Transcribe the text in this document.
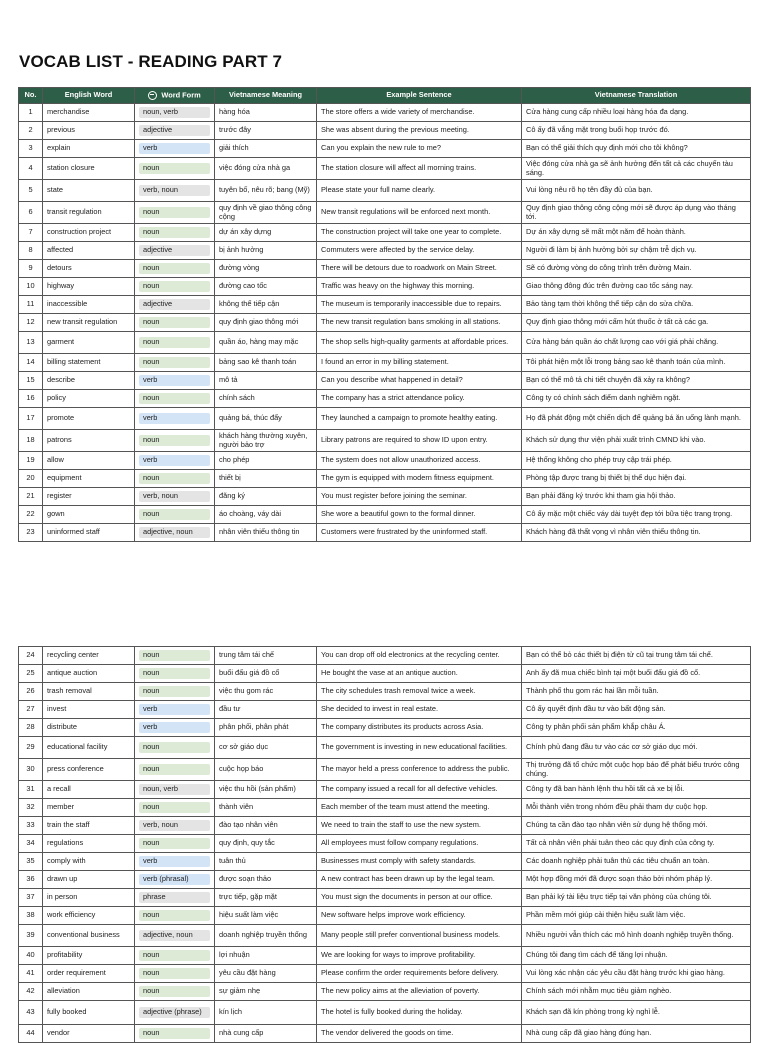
VOCAB LIST - READING PART 7
No.	English Word	Word Form	Vietnamese Meaning	Example Sentence	Vietnamese Translation
1	merchandise	noun, verb	hàng hóa	The store offers a wide variety of merchandise.	Cửa hàng cung cấp nhiều loại hàng hóa đa dạng.
2	previous	adjective	trước đây	She was absent during the previous meeting.	Cô ấy đã vắng mặt trong buổi họp trước đó.
3	explain	verb	giải thích	Can you explain the new rule to me?	Bạn có thể giải thích quy định mới cho tôi không?
4	station closure	noun	việc đóng cửa nhà ga	The station closure will affect all morning trains.	Việc đóng cửa nhà ga sẽ ảnh hưởng đến tất cả các chuyến tàu sáng.
5	state	verb, noun	tuyên bố, nêu rõ; bang (Mỹ)	Please state your full name clearly.	Vui lòng nêu rõ họ tên đầy đủ của bạn.
6	transit regulation	noun	quy định về giao thông công cộng	New transit regulations will be enforced next month.	Quy định giao thông công cộng mới sẽ được áp dụng vào tháng tới.
7	construction project	noun	dự án xây dựng	The construction project will take one year to complete.	Dự án xây dựng sẽ mất một năm để hoàn thành.
8	affected	adjective	bị ảnh hưởng	Commuters were affected by the service delay.	Người đi làm bị ảnh hưởng bởi sự chậm trễ dịch vụ.
9	detours	noun	đường vòng	There will be detours due to roadwork on Main Street.	Sẽ có đường vòng do công trình trên đường Main.
10	highway	noun	đường cao tốc	Traffic was heavy on the highway this morning.	Giao thông đông đúc trên đường cao tốc sáng nay.
11	inaccessible	adjective	không thể tiếp cận	The museum is temporarily inaccessible due to repairs.	Bảo tàng tạm thời không thể tiếp cận do sửa chữa.
12	new transit regulation	noun	quy định giao thông mới	The new transit regulation bans smoking in all stations.	Quy định giao thông mới cấm hút thuốc ở tất cả các ga.
13	garment	noun	quần áo, hàng may mặc	The shop sells high-quality garments at affordable prices.	Cửa hàng bán quần áo chất lượng cao với giá phải chăng.
14	billing statement	noun	bảng sao kê thanh toán	I found an error in my billing statement.	Tôi phát hiện một lỗi trong bảng sao kê thanh toán của mình.
15	describe	verb	mô tả	Can you describe what happened in detail?	Bạn có thể mô tả chi tiết chuyện đã xảy ra không?
16	policy	noun	chính sách	The company has a strict attendance policy.	Công ty có chính sách điểm danh nghiêm ngặt.
17	promote	verb	quảng bá, thúc đẩy	They launched a campaign to promote healthy eating.	Họ đã phát động một chiến dịch để quảng bá ăn uống lành mạnh.
18	patrons	noun	khách hàng thường xuyên, người bảo trợ	Library patrons are required to show ID upon entry.	Khách sử dụng thư viện phải xuất trình CMND khi vào.
19	allow	verb	cho phép	The system does not allow unauthorized access.	Hệ thống không cho phép truy cập trái phép.
20	equipment	noun	thiết bị	The gym is equipped with modern fitness equipment.	Phòng tập được trang bị thiết bị thể dục hiện đại.
21	register	verb, noun	đăng ký	You must register before joining the seminar.	Bạn phải đăng ký trước khi tham gia hội thảo.
22	gown	noun	áo choàng, váy dài	She wore a beautiful gown to the formal dinner.	Cô ấy mặc một chiếc váy dài tuyệt đẹp tới bữa tiệc trang trọng.
23	uninformed staff	adjective, noun	nhân viên thiếu thông tin	Customers were frustrated by the uninformed staff.	Khách hàng đã thất vọng vì nhân viên thiếu thông tin.
24	recycling center	noun	trung tâm tái chế	You can drop off old electronics at the recycling center.	Bạn có thể bỏ các thiết bị điện tử cũ tại trung tâm tái chế.
25	antique auction	noun	buổi đấu giá đồ cổ	He bought the vase at an antique auction.	Anh ấy đã mua chiếc bình tại một buổi đấu giá đồ cổ.
26	trash removal	noun	việc thu gom rác	The city schedules trash removal twice a week.	Thành phố thu gom rác hai lần mỗi tuần.
27	invest	verb	đầu tư	She decided to invest in real estate.	Cô ấy quyết định đầu tư vào bất động sản.
28	distribute	verb	phân phối, phân phát	The company distributes its products across Asia.	Công ty phân phối sản phẩm khắp châu Á.
29	educational facility	noun	cơ sở giáo dục	The government is investing in new educational facilities.	Chính phủ đang đầu tư vào các cơ sở giáo dục mới.
30	press conference	noun	cuộc họp báo	The mayor held a press conference to address the public.	Thị trưởng đã tổ chức một cuộc họp báo để phát biểu trước công chúng.
31	a recall	noun, verb	việc thu hồi (sản phẩm)	The company issued a recall for all defective vehicles.	Công ty đã ban hành lệnh thu hồi tất cả xe bị lỗi.
32	member	noun	thành viên	Each member of the team must attend the meeting.	Mỗi thành viên trong nhóm đều phải tham dự cuộc họp.
33	train the staff	verb, noun	đào tạo nhân viên	We need to train the staff to use the new system.	Chúng ta cần đào tạo nhân viên sử dụng hệ thống mới.
34	regulations	noun	quy định, quy tắc	All employees must follow company regulations.	Tất cả nhân viên phải tuân theo các quy định của công ty.
35	comply with	verb	tuân thủ	Businesses must comply with safety standards.	Các doanh nghiệp phải tuân thủ các tiêu chuẩn an toàn.
36	drawn up	verb (phrasal)	được soạn thảo	A new contract has been drawn up by the legal team.	Một hợp đồng mới đã được soạn thảo bởi nhóm pháp lý.
37	in person	phrase	trực tiếp, gặp mặt	You must sign the documents in person at our office.	Bạn phải ký tài liệu trực tiếp tại văn phòng của chúng tôi.
38	work efficiency	noun	hiệu suất làm việc	New software helps improve work efficiency.	Phần mềm mới giúp cải thiện hiệu suất làm việc.
39	conventional business	adjective, noun	doanh nghiệp truyền thống	Many people still prefer conventional business models.	Nhiều người vẫn thích các mô hình doanh nghiệp truyền thống.
40	profitability	noun	lợi nhuận	We are looking for ways to improve profitability.	Chúng tôi đang tìm cách để tăng lợi nhuận.
41	order requirement	noun	yêu cầu đặt hàng	Please confirm the order requirements before delivery.	Vui lòng xác nhận các yêu cầu đặt hàng trước khi giao hàng.
42	alleviation	noun	sự giảm nhẹ	The new policy aims at the alleviation of poverty.	Chính sách mới nhằm mục tiêu giảm nghèo.
43	fully booked	adjective (phrase)	kín lịch	The hotel is fully booked during the holiday.	Khách sạn đã kín phòng trong kỳ nghỉ lễ.
44	vendor	noun	nhà cung cấp	The vendor delivered the goods on time.	Nhà cung cấp đã giao hàng đúng hạn.
